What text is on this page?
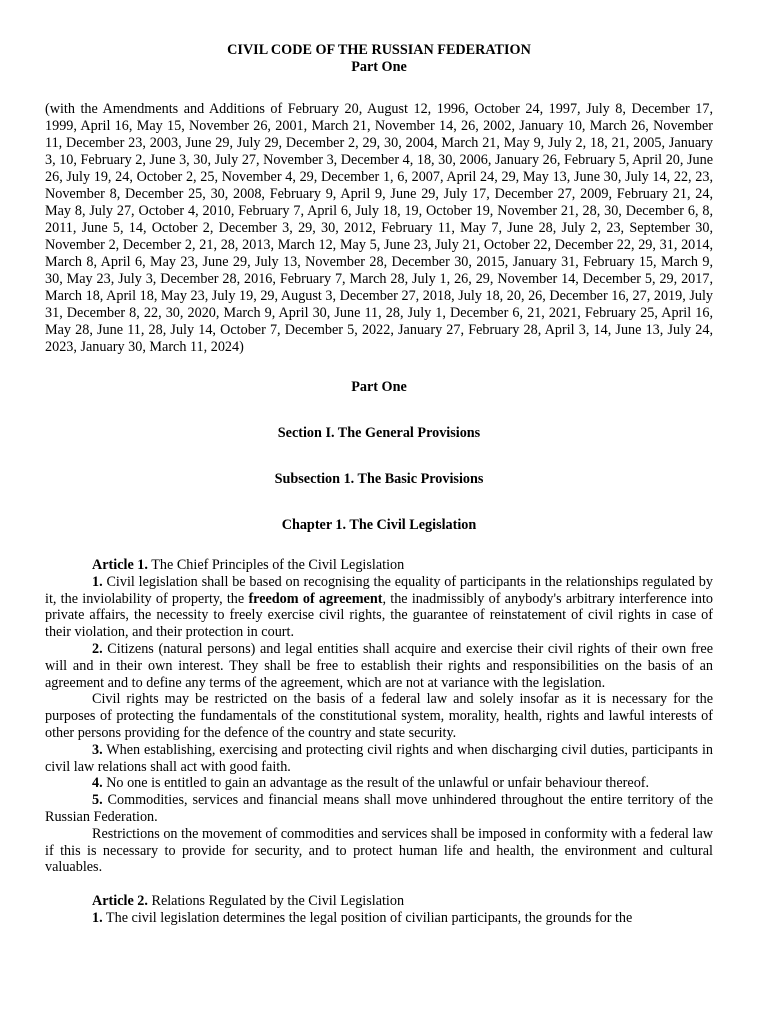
CIVIL CODE OF THE RUSSIAN FEDERATION
Part One
(with the Amendments and Additions of February 20, August 12, 1996, October 24, 1997, July 8, December 17, 1999, April 16, May 15, November 26, 2001, March 21, November 14, 26, 2002, January 10, March 26, November 11, December 23, 2003, June 29, July 29, December 2, 29, 30, 2004, March 21, May 9, July 2, 18, 21, 2005, January 3, 10, February 2, June 3, 30, July 27, November 3, December 4, 18, 30, 2006, January 26, February 5, April 20, June 26, July 19, 24, October 2, 25, November 4, 29, December 1, 6, 2007, April 24, 29, May 13, June 30, July 14, 22, 23, November 8, December 25, 30, 2008, February 9, April 9, June 29, July 17, December 27, 2009, February 21, 24, May 8, July 27, October 4, 2010, February 7, April 6, July 18, 19, October 19, November 21, 28, 30, December 6, 8, 2011, June 5, 14, October 2, December 3, 29, 30, 2012, February 11, May 7, June 28, July 2, 23, September 30, November 2, December 2, 21, 28, 2013, March 12, May 5, June 23, July 21, October 22, December 22, 29, 31, 2014, March 8, April 6, May 23, June 29, July 13, November 28, December 30, 2015, January 31, February 15, March 9, 30, May 23, July 3, December 28, 2016, February 7, March 28, July 1, 26, 29, November 14, December 5, 29, 2017, March 18, April 18, May 23, July 19, 29, August 3, December 27, 2018, July 18, 20, 26, December 16, 27, 2019, July 31, December 8, 22, 30, 2020, March 9, April 30, June 11, 28, July 1, December 6, 21, 2021, February 25, April 16, May 28, June 11, 28, July 14, October 7, December 5, 2022, January 27, February 28, April 3, 14, June 13, July 24, 2023, January 30, March 11, 2024)
Part One
Section I. The General Provisions
Subsection 1. The Basic Provisions
Chapter 1. The Civil Legislation

Article 1. The Chief Principles of the Civil Legislation

1. Civil legislation shall be based on recognising the equality of participants in the relationships regulated by it, the inviolability of property, the freedom of agreement, the inadmissibly of anybody's arbitrary interference into private affairs, the necessity to freely exercise civil rights, the guarantee of reinstatement of civil rights in case of their violation, and their protection in court.

2. Citizens (natural persons) and legal entities shall acquire and exercise their civil rights of their own free will and in their own interest. They shall be free to establish their rights and responsibilities on the basis of an agreement and to define any terms of the agreement, which are not at variance with the legislation.

Civil rights may be restricted on the basis of a federal law and solely insofar as it is necessary for the purposes of protecting the fundamentals of the constitutional system, morality, health, rights and lawful interests of other persons providing for the defence of the country and state security.

3. When establishing, exercising and protecting civil rights and when discharging civil duties, participants in civil law relations shall act with good faith.

4. No one is entitled to gain an advantage as the result of the unlawful or unfair behaviour thereof.

5. Commodities, services and financial means shall move unhindered throughout the entire territory of the Russian Federation.

Restrictions on the movement of commodities and services shall be imposed in conformity with a federal law if this is necessary to provide for security, and to protect human life and health, the environment and cultural valuables.

Article 2. Relations Regulated by the Civil Legislation

1. The civil legislation determines the legal position of civilian participants, the grounds for the
